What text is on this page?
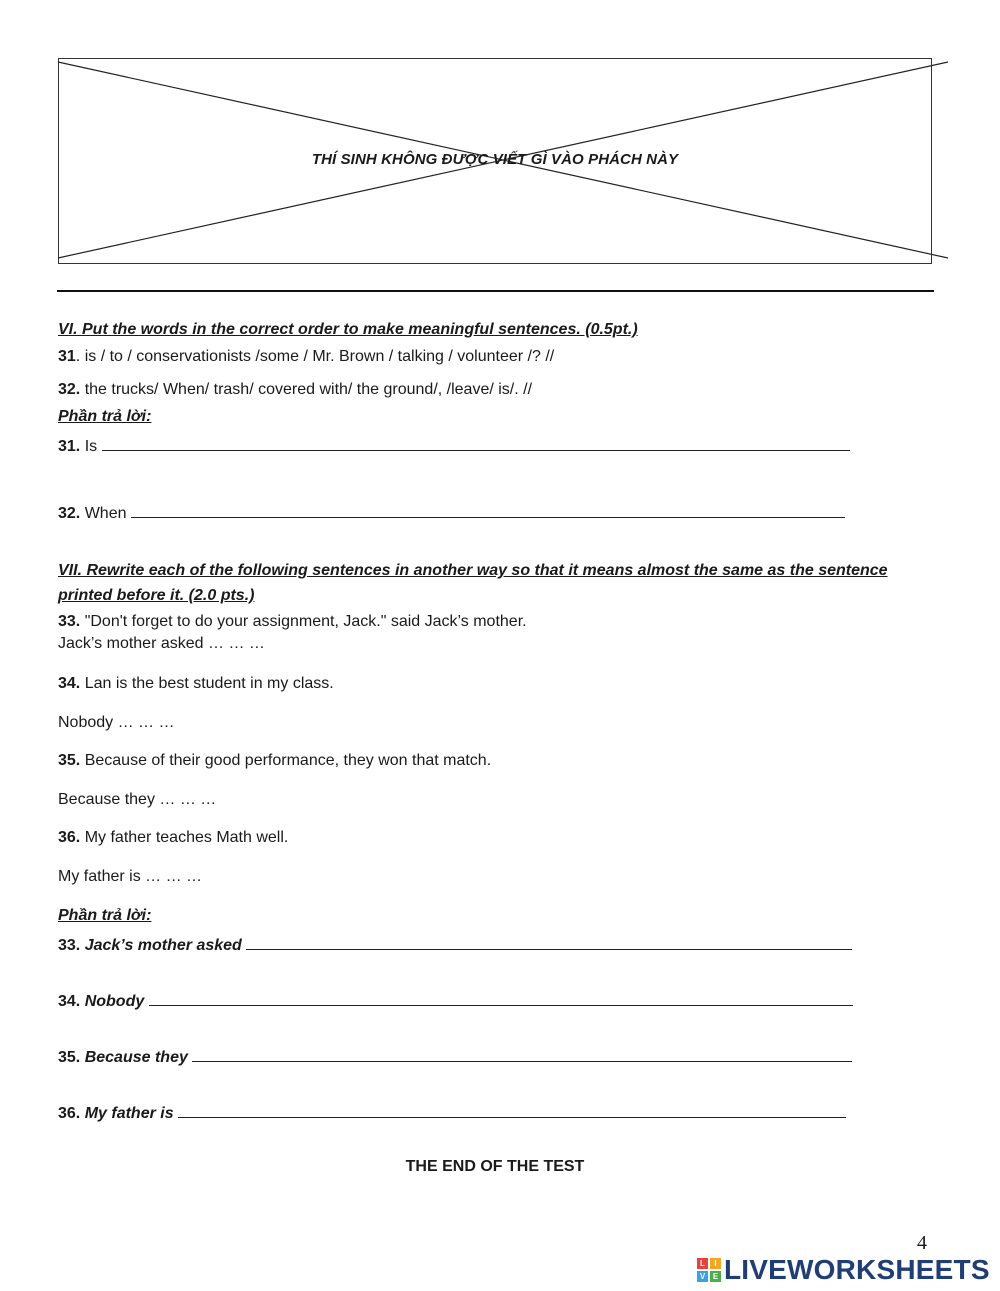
THÍ SINH KHÔNG ĐƯỢC VIẾT GÌ VÀO PHÁCH NÀY
VI. Put the words in the correct order to make meaningful sentences. (0.5pt.)
31. is / to / conservationists /some / Mr. Brown / talking / volunteer /? //
32. the trucks/ When/ trash/ covered with/ the ground/, /leave/ is/. //
Phần trả lời:
31. Is
32. When
VII. Rewrite each of the following sentences in another way so that it means almost the same as the sentence
printed before it. (2.0 pts.)
33. "Don't forget to do your assignment, Jack." said Jack’s mother.
Jack’s mother asked … … …
34. Lan is the best student in my class.
Nobody … … …
35. Because of their good performance, they won that match.
Because they … … …
36. My father teaches Math well.
My father is … … …
Phần trả lời:
33. Jack’s mother asked
34. Nobody
35. Because they
36. My father is
THE END OF THE TEST
4
L	I
V E LIVEWORKSHEETS
